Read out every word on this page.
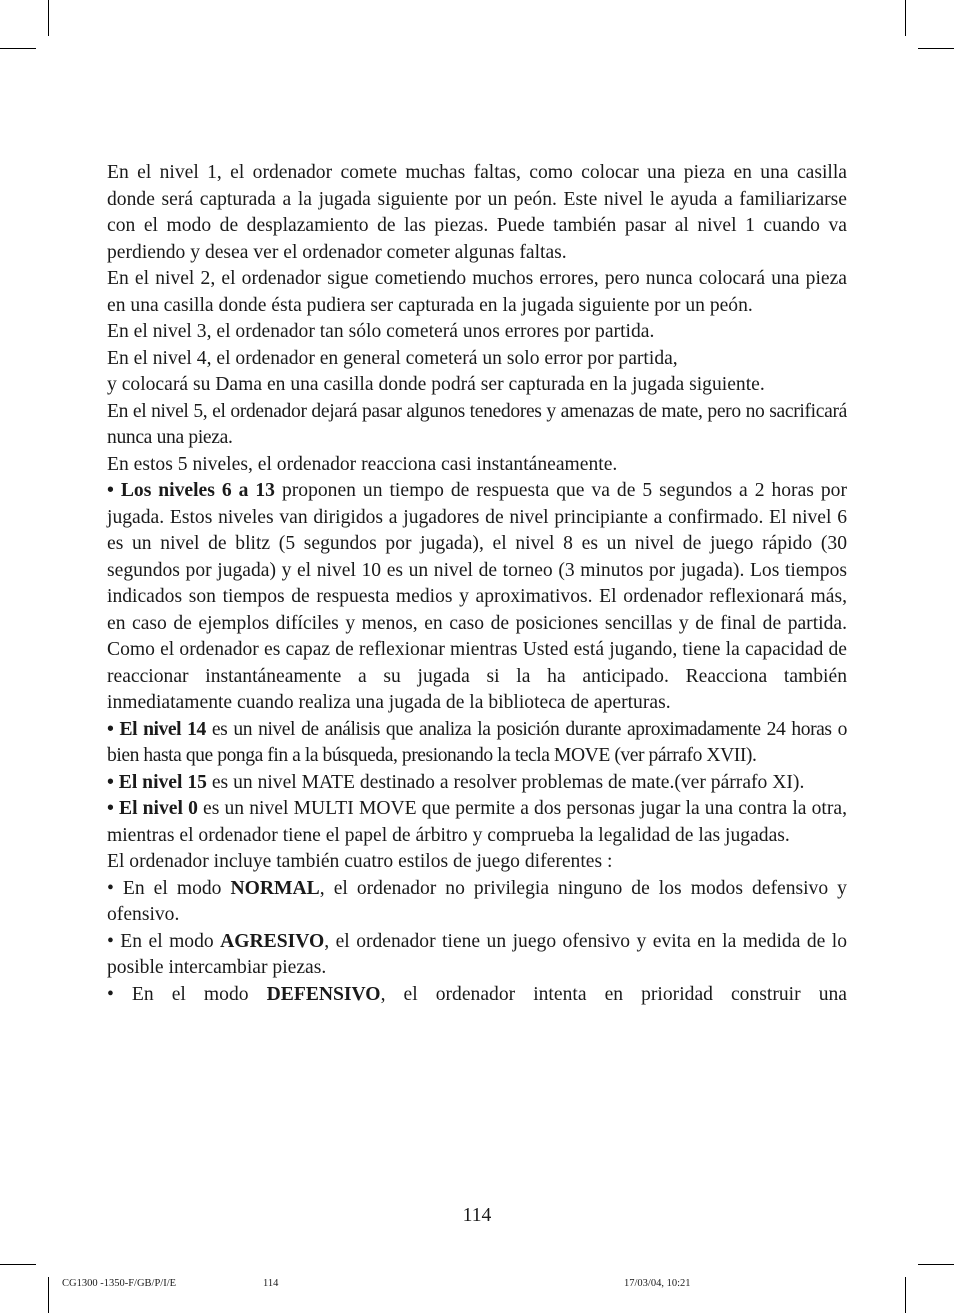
En el nivel 1, el ordenador comete muchas faltas, como colocar una pieza en una casilla donde será capturada a la jugada siguiente por un peón. Este nivel le ayuda a familiarizarse con el modo de desplazamiento de las piezas. Puede también pasar al nivel 1 cuando va perdiendo y desea ver el ordenador cometer algunas faltas.

En el nivel 2, el ordenador sigue cometiendo muchos errores, pero nunca colocará una pieza en una casilla donde ésta pudiera ser capturada en la jugada siguiente por un peón.

En el nivel 3, el ordenador tan sólo cometerá unos errores por partida.

En el nivel 4, el ordenador en general cometerá un solo error por partida,

y colocará su Dama en una casilla donde podrá ser capturada en la jugada siguiente.

En el nivel 5, el ordenador dejará pasar algunos tenedores y amenazas de mate, pero no sacrificará nunca una pieza.

En estos 5 niveles, el ordenador reacciona casi instantáneamente.

• Los niveles 6 a 13 proponen un tiempo de respuesta que va de 5 segundos a 2 horas por jugada. Estos niveles van dirigidos a jugadores de nivel principiante a confirmado. El nivel 6 es un nivel de blitz (5 segundos por jugada), el nivel 8 es un nivel de juego rápido (30 segundos por jugada) y el nivel 10 es un nivel de torneo (3 minutos por jugada). Los tiempos indicados son tiempos de respuesta medios y aproximativos. El ordenador reflexionará más, en caso de ejemplos difíciles y menos, en caso de posiciones sencillas y de final de partida. Como el ordenador es capaz de reflexionar mientras Usted está jugando, tiene la capacidad de reaccionar instantáneamente a su jugada si la ha anticipado. Reacciona también inmediatamente cuando realiza una jugada de la biblioteca de aperturas.

• El nivel 14 es un nivel de análisis que analiza la posición durante aproximadamente 24 horas o bien hasta que ponga fin a la búsqueda, presionando la tecla MOVE (ver párrafo XVII).

• El nivel 15 es un nivel MATE destinado a resolver problemas de mate.(ver párrafo XI).

• El nivel 0 es un nivel MULTI MOVE que permite a dos personas jugar la una contra la otra, mientras el ordenador tiene el papel de árbitro y comprueba la legalidad de las jugadas.

El ordenador incluye también cuatro estilos de juego diferentes :

• En el modo NORMAL, el ordenador no privilegia ninguno de los modos defensivo y ofensivo.

• En el modo AGRESIVO, el ordenador tiene un juego ofensivo y evita en la medida de lo posible intercambiar piezas.

• En el modo DEFENSIVO, el ordenador intenta en prioridad construir una

114
CG1300 -1350-F/GB/P/I/E	114	17/03/04, 10:21
